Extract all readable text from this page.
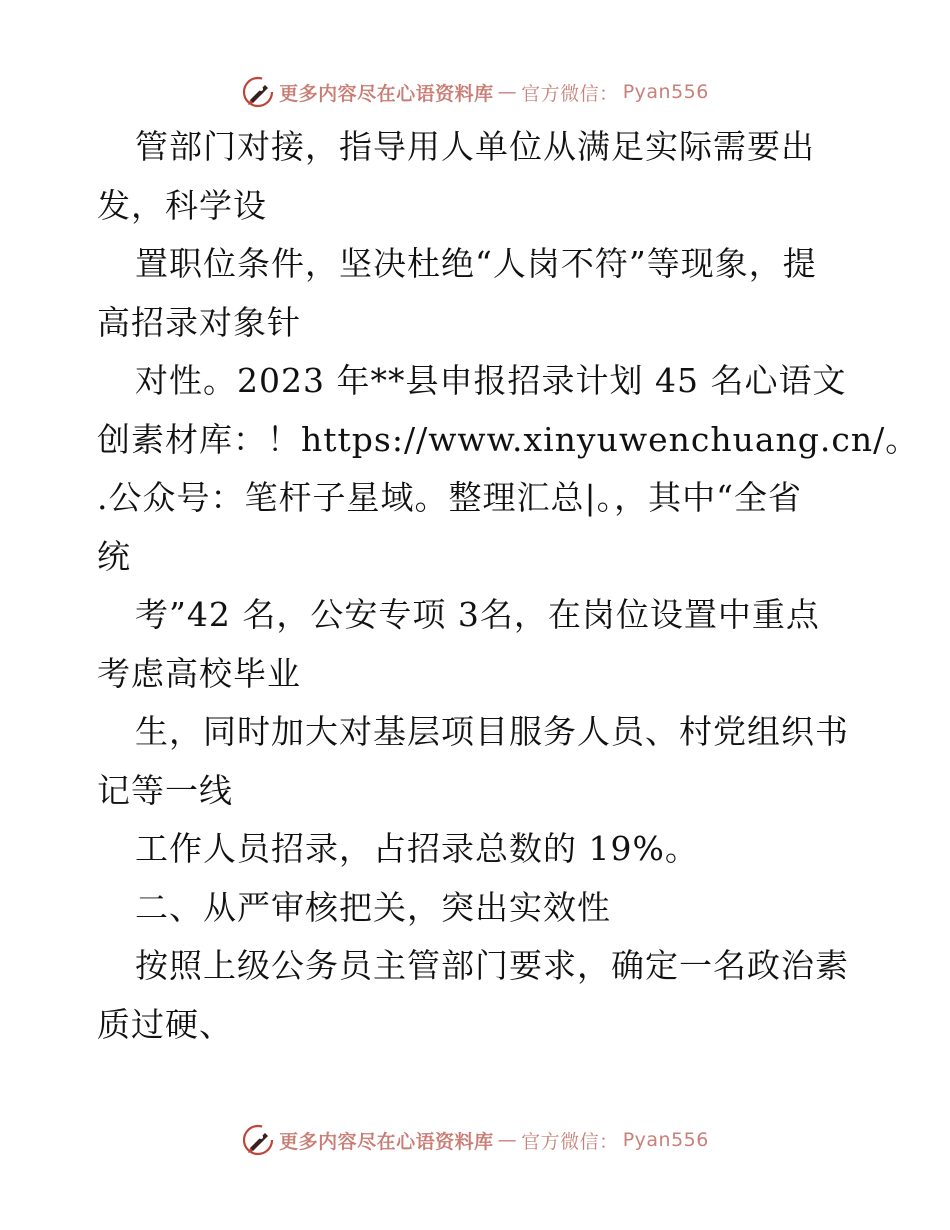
更多内容尽在心语资料库 — 官方微信： Pyan556
管部门对接，指导用人单位从满足实际需要出
发，科学设
置职位条件，坚决杜绝“人岗不符”等现象，提
高招录对象针
对性。2023 年**县申报招录计划 45 名心语文
创素材库：！https://www.xinyuwenchuang.cn/。
.公众号：笔杆子星域。整理汇总|。，其中“全省
统
考”42 名，公安专项 3名，在岗位设置中重点
考虑高校毕业
生，同时加大对基层项目服务人员、村党组织书
记等一线
工作人员招录，占招录总数的 19%。
二、从严审核把关，突出实效性
按照上级公务员主管部门要求，确定一名政治素
质过硬、
更多内容尽在心语资料库 — 官方微信： Pyan556
